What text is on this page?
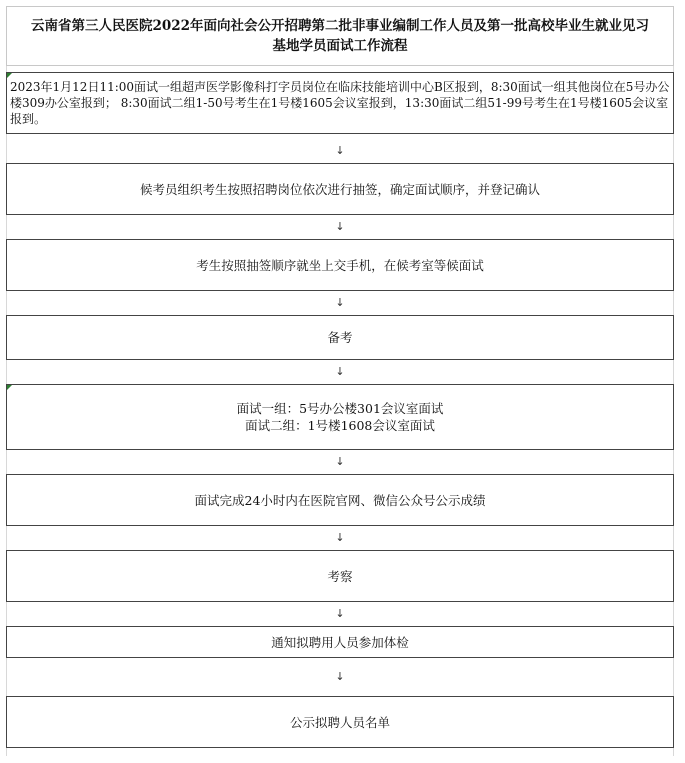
云南省第三人民医院2022年面向社会公开招聘第二批非事业编制工作人员及第一批高校毕业生就业见习基地学员面试工作流程
2023年1月12日11:00面试一组超声医学影像科打字员岗位在临床技能培训中心B区报到，8:30面试一组其他岗位在5号办公楼309办公室报到； 8:30面试二组1-50号考生在1号楼1605会议室报到，13:30面试二组51-99号考生在1号楼1605会议室报到。
↓
候考员组织考生按照招聘岗位依次进行抽签，确定面试顺序，并登记确认
↓
考生按照抽签顺序就坐上交手机，在候考室等候面试
↓
备考
↓
面试一组：5号办公楼301会议室面试
面试二组：1号楼1608会议室面试
↓
面试完成24小时内在医院官网、微信公众号公示成绩
↓
考察
↓
通知拟聘用人员参加体检
↓
公示拟聘人员名单
